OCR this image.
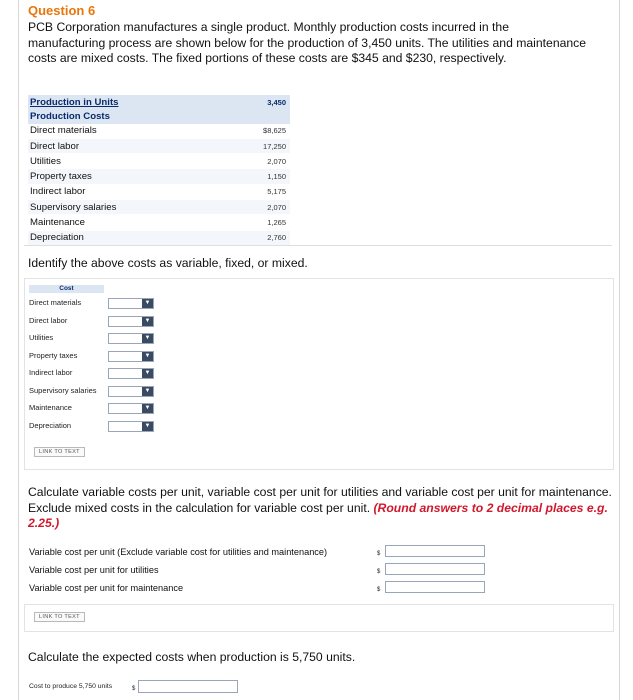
Question 6
PCB Corporation manufactures a single product. Monthly production costs incurred in the manufacturing process are shown below for the production of 3,450 units. The utilities and maintenance costs are mixed costs. The fixed portions of these costs are $345 and $230, respectively.
Production in Units	3,450
Production Costs	
Direct materials	$8,625
Direct labor	17,250
Utilities	2,070
Property taxes	1,150
Indirect labor	5,175
Supervisory salaries	2,070
Maintenance	1,265
Depreciation	2,760
Identify the above costs as variable, fixed, or mixed.
Cost
Direct materials	▼
Direct labor	▼
Utilities	▼
Property taxes	▼
Indirect labor	▼
Supervisory salaries	▼
Maintenance	▼
Depreciation	▼
LINK TO TEXT
Calculate variable costs per unit, variable cost per unit for utilities and variable cost per unit for maintenance. Exclude mixed costs in the calculation for variable cost per unit. (Round answers to 2 decimal places e.g. 2.25.)
Variable cost per unit (Exclude variable cost for utilities and maintenance)	$
Variable cost per unit for utilities	$
Variable cost per unit for maintenance	$
LINK TO TEXT
Calculate the expected costs when production is 5,750 units.
Cost to produce 5,750 units	$
